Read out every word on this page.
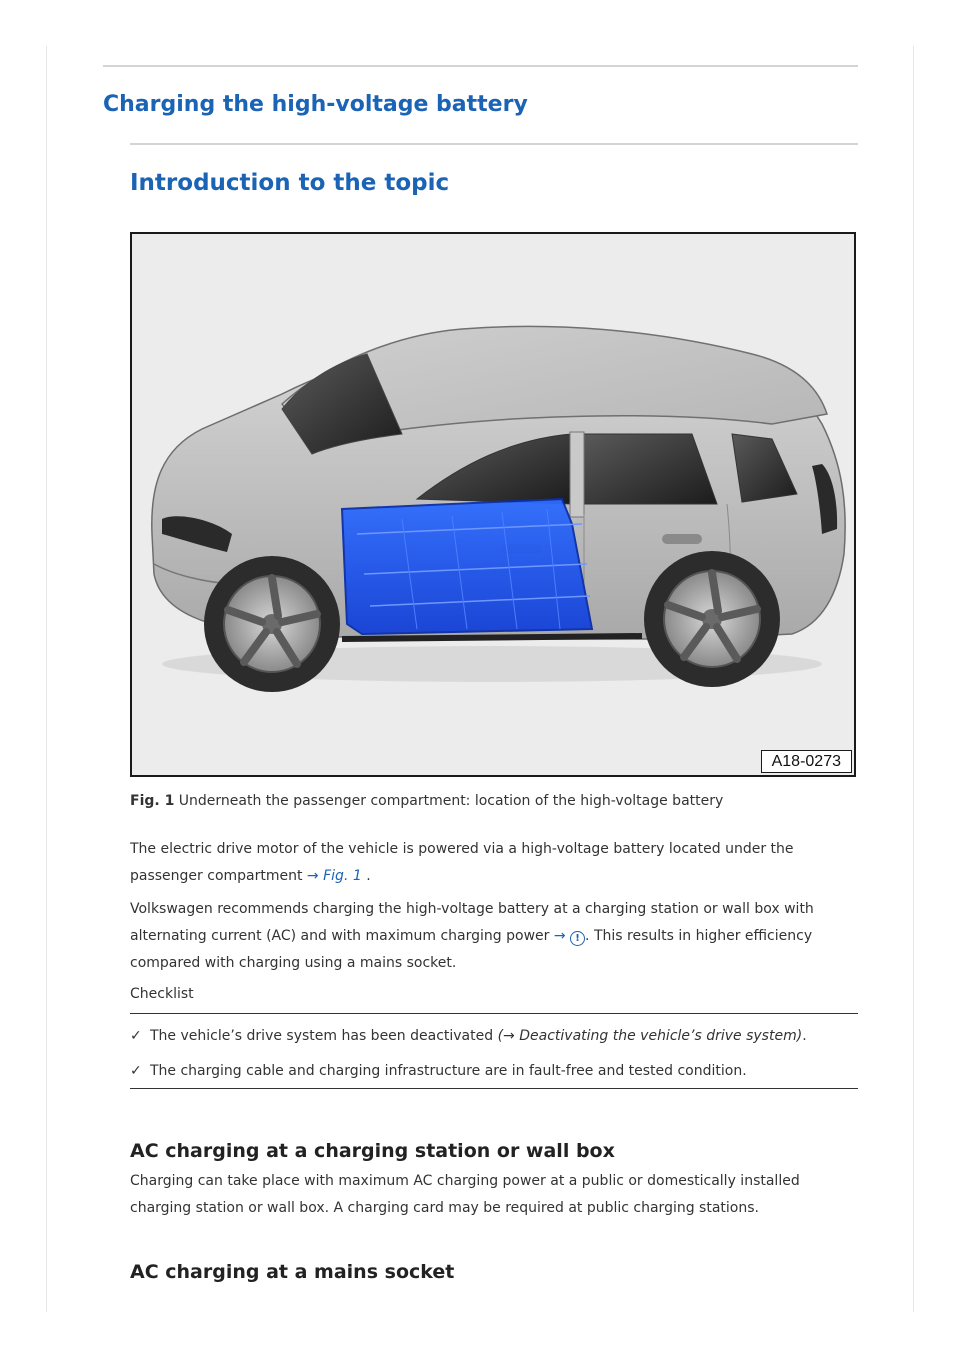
Charging the high-voltage battery
Introduction to the topic
A18-0273
Fig. 1 Underneath the passenger compartment: location of the high-voltage battery

The electric drive motor of the vehicle is powered via a high-voltage battery located under the passenger compartment → Fig. 1 .

Volkswagen recommends charging the high-voltage battery at a charging station or wall box with alternating current (AC) and with maximum charging power → ! . This results in higher efficiency compared with charging using a mains socket.

Checklist
✓ The vehicle’s drive system has been deactivated (→ Deactivating the vehicle’s drive system).
✓ The charging cable and charging infrastructure are in fault-free and tested condition.
AC charging at a charging station or wall box

Charging can take place with maximum AC charging power at a public or domestically installed charging station or wall box. A charging card may be required at public charging stations.

AC charging at a mains socket
